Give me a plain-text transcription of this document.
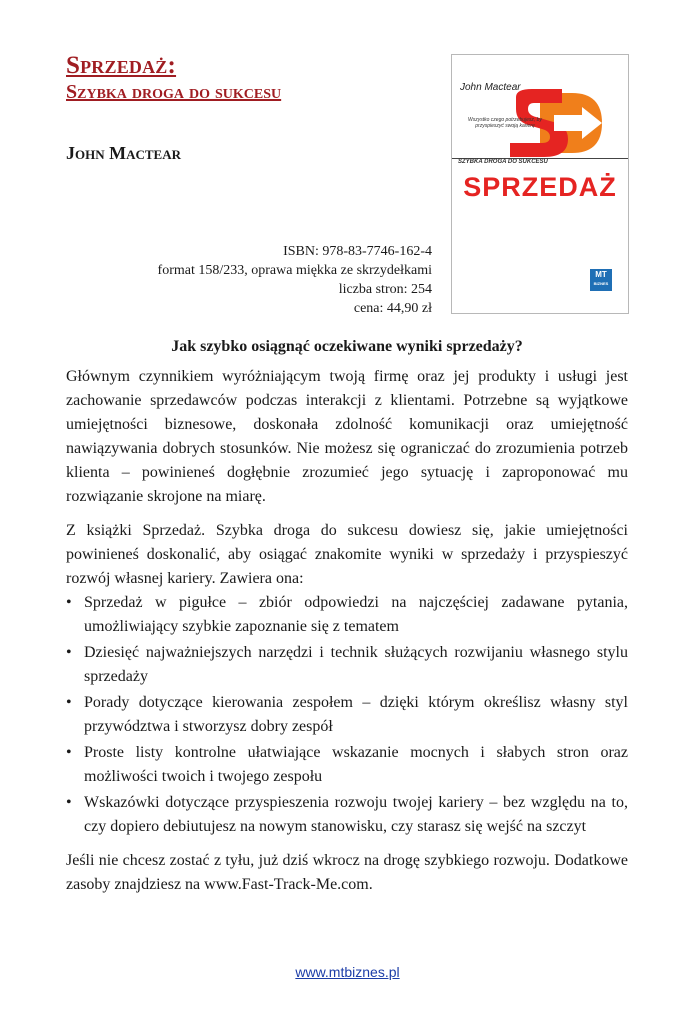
Sprzedaż:
Szybka droga do sukcesu

John Mactear

ISBN: 978-83-7746-162-4
format 158/233, oprawa miękka ze skrzydełkami
liczba stron: 254
cena: 44,90 zł
John Mactear
Wszystko czego potrzebujesz, by przyspieszyć swoją karierę
SZYBKA DROGA DO SUKCESU
SPRZEDAŻ
MT
BIZNES

Jak szybko osiągnąć oczekiwane wyniki sprzedaży?

Głównym czynnikiem wyróżniającym twoją firmę oraz jej produkty i usługi jest zachowanie sprzedawców podczas interakcji z klientami. Potrzebne są wyjątkowe umiejętności biznesowe, doskonała zdolność komunikacji oraz umiejętność nawiązywania dobrych stosunków. Nie możesz się ograniczać do zrozumienia potrzeb klienta – powinieneś dogłębnie zrozumieć jego sytuację i zaproponować mu rozwiązanie skrojone na miarę.

Z książki Sprzedaż. Szybka droga do sukcesu dowiesz się, jakie umiejętności powinieneś doskonalić, aby osiągać znakomite wyniki w sprzedaży i przyspieszyć rozwój własnej kariery. Zawiera ona:

• Sprzedaż w pigułce – zbiór odpowiedzi na najczęściej zadawane pytania, umożliwiający szybkie zapoznanie się z tematem
• Dziesięć najważniejszych narzędzi i technik służących rozwijaniu własnego stylu sprzedaży
• Porady dotyczące kierowania zespołem – dzięki którym określisz własny styl przywództwa i stworzysz dobry zespół
• Proste listy kontrolne ułatwiające wskazanie mocnych i słabych stron oraz możliwości twoich i twojego zespołu
• Wskazówki dotyczące przyspieszenia rozwoju twojej kariery – bez względu na to, czy dopiero debiutujesz na nowym stanowisku, czy starasz się wejść na szczyt

Jeśli nie chcesz zostać z tyłu, już dziś wkrocz na drogę szybkiego rozwoju. Dodatkowe zasoby znajdziesz na www.Fast-Track-Me.com.

www.mtbiznes.pl
